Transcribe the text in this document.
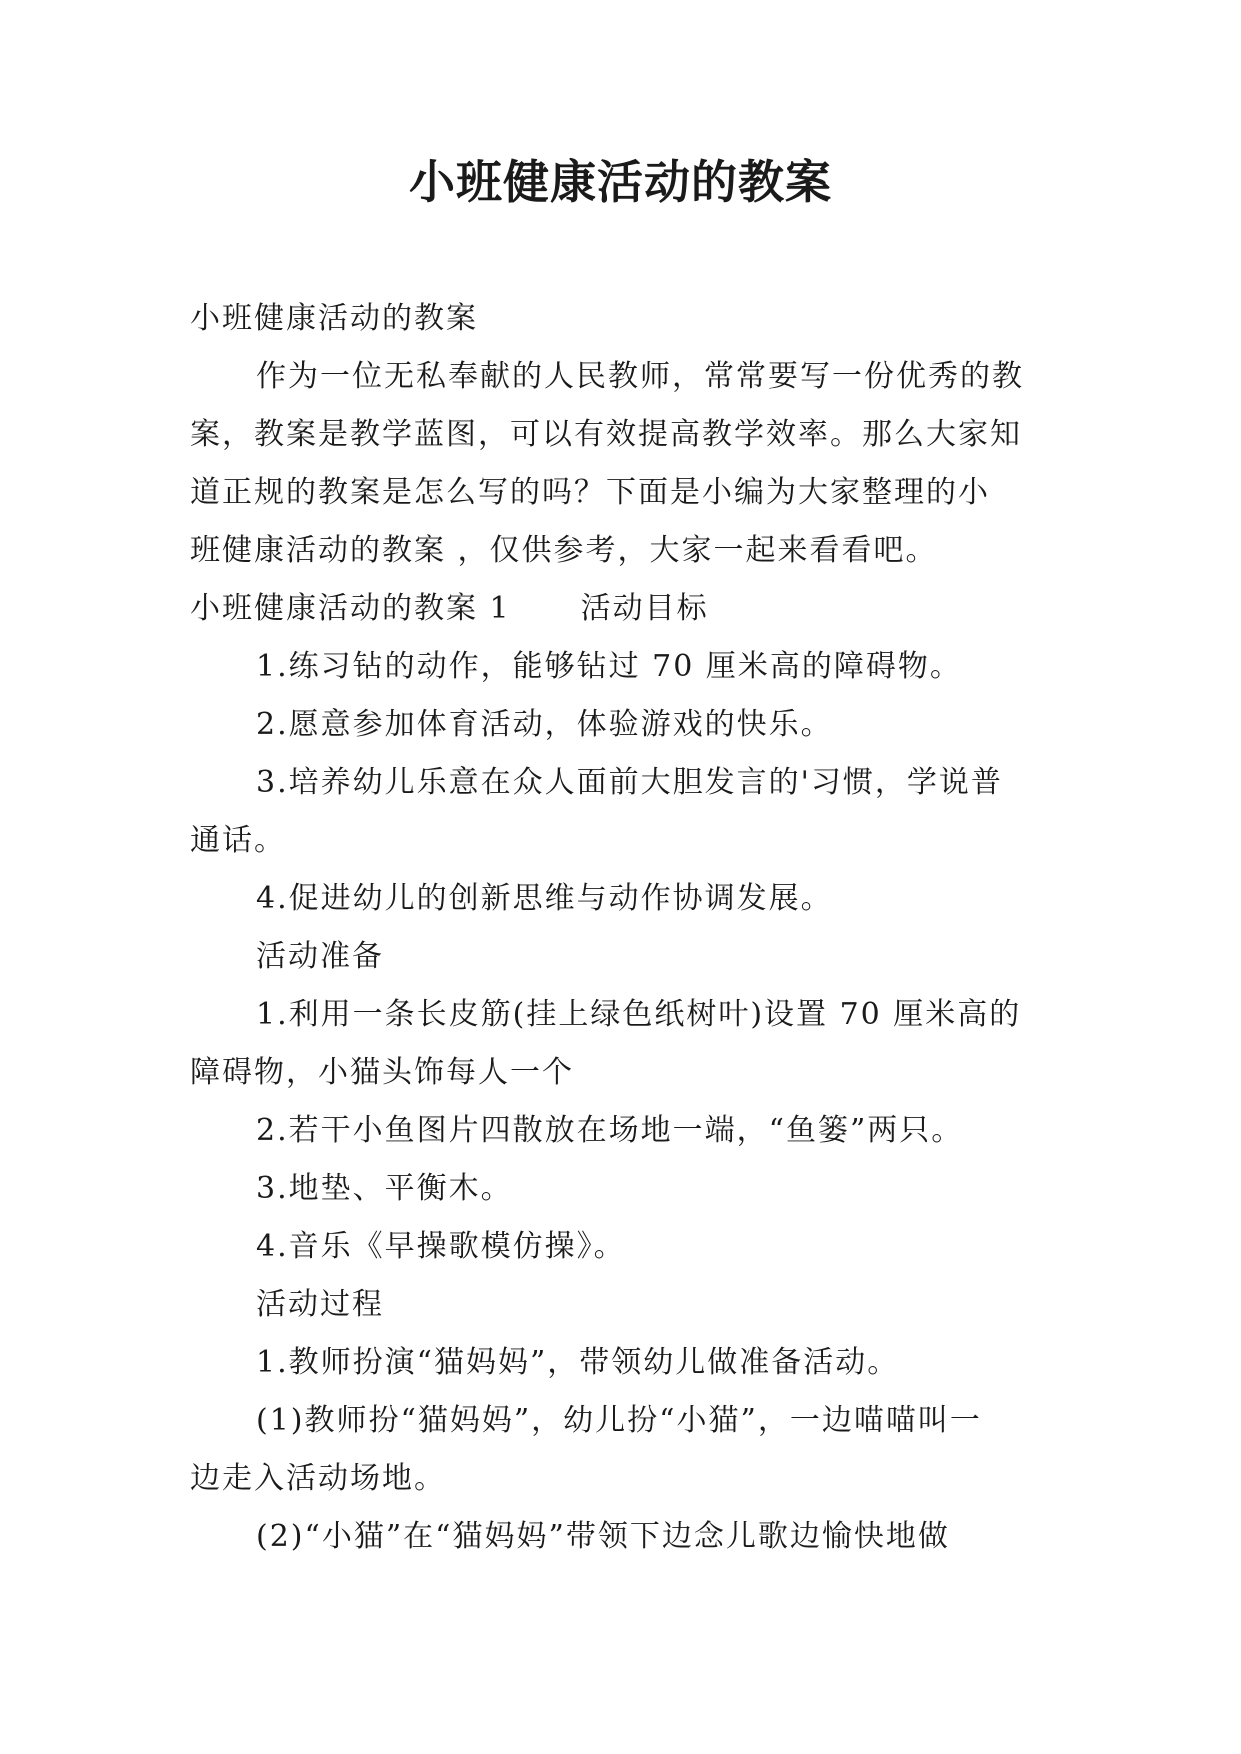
小班健康活动的教案

小班健康活动的教案

作为一位无私奉献的人民教师，常常要写一份优秀的教

案，教案是教学蓝图，可以有效提高教学效率。那么大家知

道正规的教案是怎么写的吗？下面是小编为大家整理的小

班健康活动的教案 ，仅供参考，大家一起来看看吧。

小班健康活动的教案 1 活动目标

1.练习钻的动作，能够钻过 70 厘米高的障碍物。

2.愿意参加体育活动，体验游戏的快乐。

3.培养幼儿乐意在众人面前大胆发言的'习惯，学说普

通话。

4.促进幼儿的创新思维与动作协调发展。

活动准备

1.利用一条长皮筋(挂上绿色纸树叶)设置 70 厘米高的

障碍物，小猫头饰每人一个

2.若干小鱼图片四散放在场地一端，“鱼篓”两只。

3.地垫、平衡木。

4.音乐《早操歌模仿操》。

活动过程

1.教师扮演“猫妈妈”，带领幼儿做准备活动。

(1)教师扮“猫妈妈”，幼儿扮“小猫”，一边喵喵叫一

边走入活动场地。

(2)“小猫”在“猫妈妈”带领下边念儿歌边愉快地做
